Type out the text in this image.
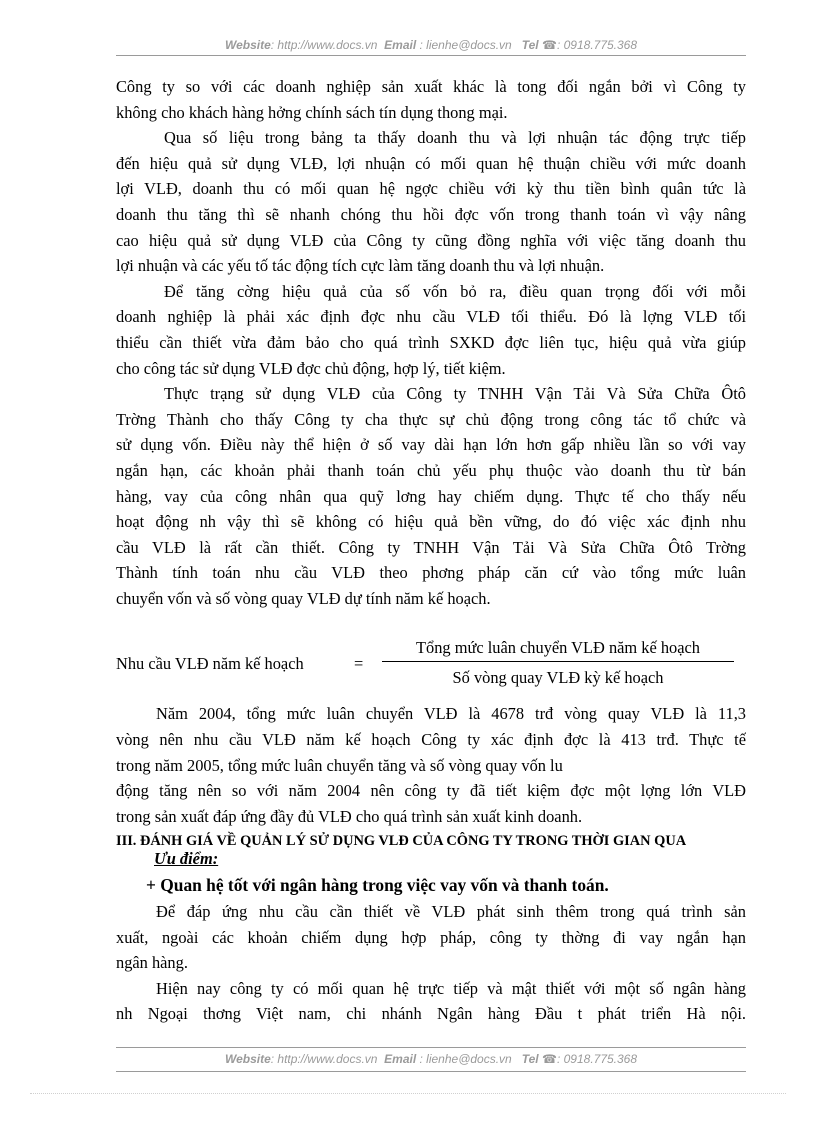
Website: http://www.docs.vn Email : lienhe@docs.vn Tel ☎: 0918.775.368
Công ty so với các doanh nghiệp sản xuất khác là tong đối ngắn bởi vì Công ty
không cho khách hàng hởng chính sách tín dụng thong mại.
Qua số liệu trong bảng ta thấy doanh thu và lợi nhuận tác động trực tiếp
đến hiệu quả sử dụng VLĐ, lợi nhuận có mối quan hệ thuận chiều với mức doanh
lợi VLĐ, doanh thu có mối quan hệ ngợc chiều với kỳ thu tiền bình quân tức là
doanh thu tăng thì sẽ nhanh chóng thu hồi đợc vốn trong thanh toán vì vậy nâng
cao hiệu quả sử dụng VLĐ của Công ty cũng đồng nghĩa với việc tăng doanh thu
lợi nhuận và các yếu tố tác động tích cực làm tăng doanh thu và lợi nhuận.
Để tăng cờng hiệu quả của số vốn bỏ ra, điều quan trọng đối với mỗi
doanh nghiệp là phải xác định đợc nhu cầu VLĐ tối thiểu. Đó là lợng VLĐ tối
thiểu cần thiết vừa đảm bảo cho quá trình SXKD đợc liên tục, hiệu quả vừa giúp
cho công tác sử dụng VLĐ đợc chủ động, hợp lý, tiết kiệm.
Thực trạng sử dụng VLĐ của Công ty TNHH Vận Tải Và Sửa Chữa Ôtô
Trờng Thành cho thấy Công ty cha thực sự chủ động trong công tác tổ chức và
sử dụng vốn. Điều này thể hiện ở số vay dài hạn lớn hơn gấp nhiều lần so với vay
ngắn hạn, các khoản phải thanh toán chủ yếu phụ thuộc vào doanh thu từ bán
hàng, vay của công nhân qua quỹ lơng hay chiếm dụng. Thực tế cho thấy nếu
hoạt động nh vậy thì sẽ không có hiệu quả bền vững, do đó việc xác định nhu
cầu VLĐ là rất cần thiết. Công ty TNHH Vận Tải Và Sửa Chữa Ôtô Trờng
Thành tính toán nhu cầu VLĐ theo phơng pháp căn cứ vào tổng mức luân
chuyển vốn và số vòng quay VLĐ dự tính năm kế hoạch.
Nhu cầu VLĐ năm kế hoạch	=
Tổng mức luân chuyển VLĐ năm kế hoạch
Số vòng quay VLĐ kỳ kế hoạch
Năm 2004, tổng mức luân chuyển VLĐ là 4678 trđ vòng quay VLĐ là 11,3
vòng nên nhu cầu VLĐ năm kế hoạch Công ty xác định đợc là 413 trđ. Thực tế
trong năm 2005, tổng mức luân chuyển tăng và số vòng quay vốn lu
động tăng nên so với năm 2004 nên công ty đã tiết kiệm đợc một lợng lớn VLĐ
trong sản xuất đáp ứng đầy đủ VLĐ cho quá trình sản xuất kinh doanh.
III. ĐÁNH GIÁ VỀ QUẢN LÝ SỬ DỤNG VLĐ CỦA CÔNG TY TRONG THỜI GIAN QUA
Ưu điểm:
+ Quan hệ tốt với ngân hàng trong việc vay vốn và thanh toán.
Để đáp ứng nhu cầu cần thiết về VLĐ phát sinh thêm trong quá trình sản
xuất, ngoài các khoản chiếm dụng hợp pháp, công ty thờng đi vay ngắn hạn
ngân hàng.
Hiện nay công ty có mối quan hệ trực tiếp và mật thiết với một số ngân hàng
nh Ngoại thơng Việt nam, chi nhánh Ngân hàng Đầu t phát triển Hà nội.
Website: http://www.docs.vn Email : lienhe@docs.vn Tel ☎: 0918.775.368
